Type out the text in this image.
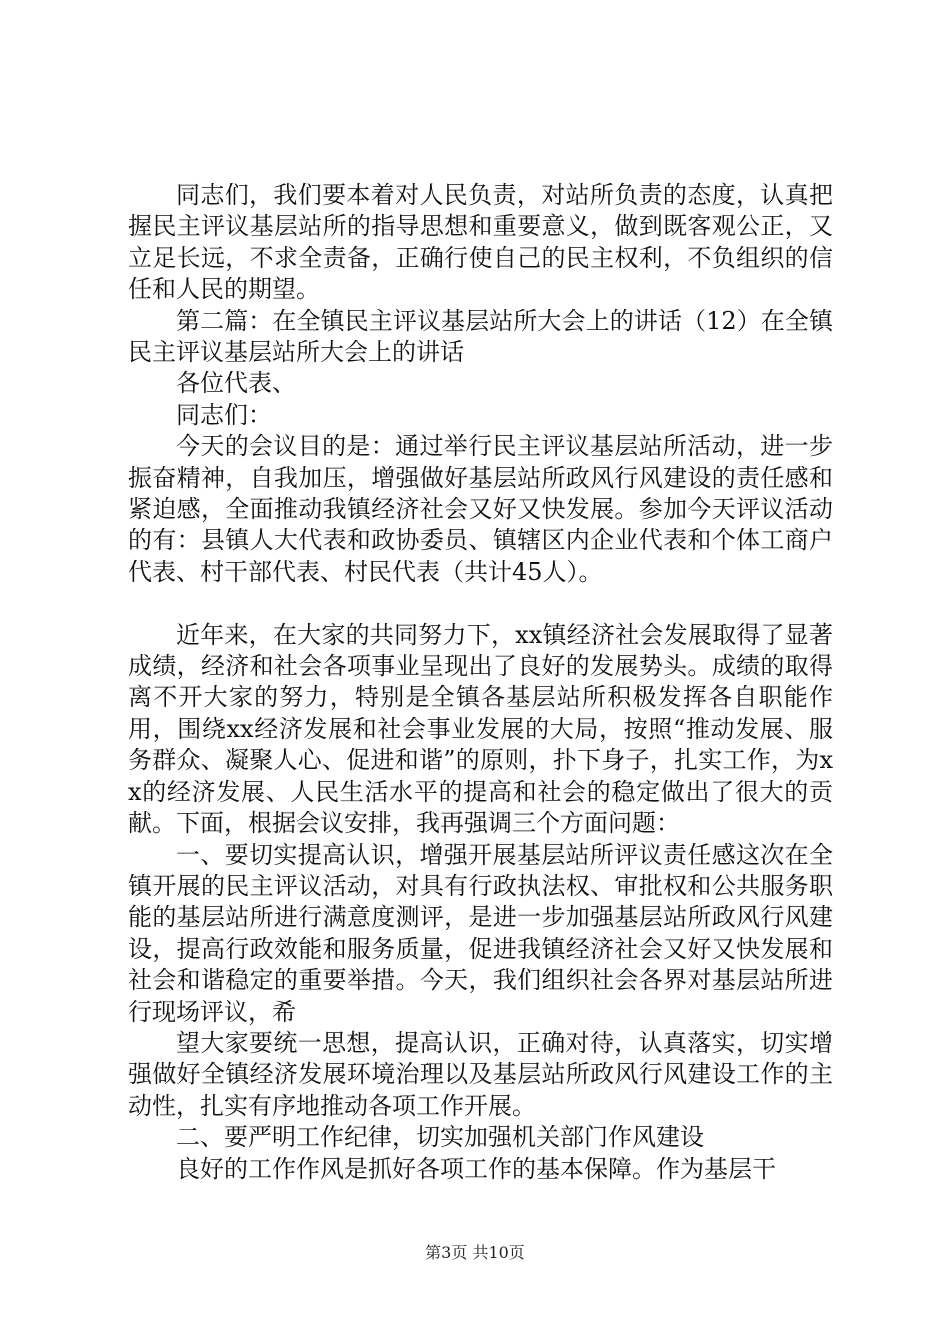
同志们，我们要本着对人民负责，对站所负责的态度，认真把握民主评议基层站所的指导思想和重要意义，做到既客观公正，又立足长远，不求全责备，正确行使自己的民主权利，不负组织的信任和人民的期望。

第二篇：在全镇民主评议基层站所大会上的讲话（12）在全镇民主评议基层站所大会上的讲话

各位代表、

同志们：

今天的会议目的是：通过举行民主评议基层站所活动，进一步振奋精神，自我加压，增强做好基层站所政风行风建设的责任感和紧迫感，全面推动我镇经济社会又好又快发展。参加今天评议活动的有：县镇人大代表和政协委员、镇辖区内企业代表和个体工商户代表、村干部代表、村民代表（共计45人）。

近年来，在大家的共同努力下，xx镇经济社会发展取得了显著成绩，经济和社会各项事业呈现出了良好的发展势头。成绩的取得离不开大家的努力，特别是全镇各基层站所积极发挥各自职能作用，围绕xx经济发展和社会事业发展的大局，按照“推动发展、服务群众、凝聚人心、促进和谐”的原则，扑下身子，扎实工作，为xx的经济发展、人民生活水平的提高和社会的稳定做出了很大的贡献。下面，根据会议安排，我再强调三个方面问题：

一、要切实提高认识，增强开展基层站所评议责任感这次在全镇开展的民主评议活动，对具有行政执法权、审批权和公共服务职能的基层站所进行满意度测评，是进一步加强基层站所政风行风建设，提高行政效能和服务质量，促进我镇经济社会又好又快发展和社会和谐稳定的重要举措。今天，我们组织社会各界对基层站所进行现场评议，希

望大家要统一思想，提高认识，正确对待，认真落实，切实增强做好全镇经济发展环境治理以及基层站所政风行风建设工作的主动性，扎实有序地推动各项工作开展。

二、要严明工作纪律，切实加强机关部门作风建设

良好的工作作风是抓好各项工作的基本保障。作为基层干

第3页 共10页
